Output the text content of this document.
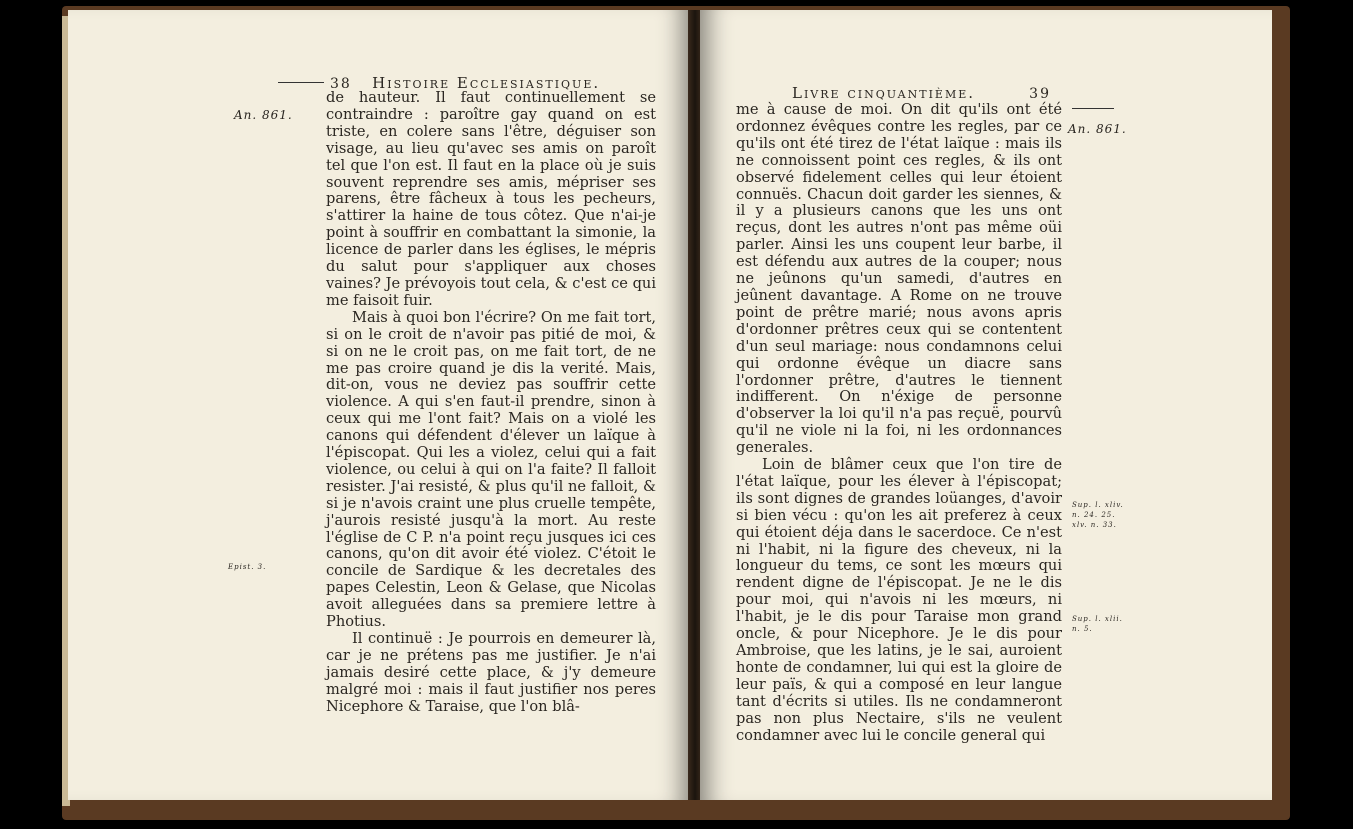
38 Histoire Ecclesiastique.
An. 861.
Epist. 3.

de hauteur. Il faut continuellement se contraindre : paroître gay quand on est triste, en colere sans l'être, déguiser son visage, au lieu qu'avec ses amis on paroît tel que l'on est. Il faut en la place où je suis souvent reprendre ses amis, mépriser ses parens, être fâcheux à tous les pecheurs, s'attirer la haine de tous côtez. Que n'ai-je point à souffrir en combattant la simonie, la licence de parler dans les églises, le mépris du salut pour s'appliquer aux choses vaines? Je prévoyois tout cela, & c'est ce qui me faisoit fuir.

Mais à quoi bon l'écrire? On me fait tort, si on le croit de n'avoir pas pitié de moi, & si on ne le croit pas, on me fait tort, de ne me pas croire quand je dis la verité. Mais, dit-on, vous ne deviez pas souffrir cette violence. A qui s'en faut-il prendre, sinon à ceux qui me l'ont fait? Mais on a violé les canons qui défendent d'élever un laïque à l'épiscopat. Qui les a violez, celui qui a fait violence, ou celui à qui on l'a faite? Il falloit resister. J'ai resisté, & plus qu'il ne falloit, & si je n'avois craint une plus cruelle tempête, j'aurois resisté jusqu'à la mort. Au reste l'église de C P. n'a point reçu jusques ici ces canons, qu'on dit avoir été violez. C'étoit le concile de Sardique & les decretales des papes Celestin, Leon & Gelase, que Nicolas avoit alleguées dans sa premiere lettre à Photius.

Il continuë : Je pourrois en demeurer là, car je ne prétens pas me justifier. Je n'ai jamais desiré cette place, & j'y demeure malgré moi : mais il faut justifier nos peres Nicephore & Taraise, que l'on blâ-

Livre cinquantième.	39
An. 861.
Sup. l. xliv. n. 24. 25. xlv. n. 33.
Sup. l. xlii. n. 5.

me à cause de moi. On dit qu'ils ont été ordonnez évêques contre les regles, par ce qu'ils ont été tirez de l'état laïque : mais ils ne connoissent point ces regles, & ils ont observé fidelement celles qui leur étoient connuës. Chacun doit garder les siennes, & il y a plusieurs canons que les uns ont reçus, dont les autres n'ont pas même oüi parler. Ainsi les uns coupent leur barbe, il est défendu aux autres de la couper; nous ne jeûnons qu'un samedi, d'autres en jeûnent davantage. A Rome on ne trouve point de prêtre marié; nous avons apris d'ordonner prêtres ceux qui se contentent d'un seul mariage: nous condamnons celui qui ordonne évêque un diacre sans l'ordonner prêtre, d'autres le tiennent indifferent. On n'éxige de personne d'observer la loi qu'il n'a pas reçuë, pourvû qu'il ne viole ni la foi, ni les ordonnances generales.

Loin de blâmer ceux que l'on tire de l'état laïque, pour les élever à l'épiscopat; ils sont dignes de grandes loüanges, d'avoir si bien vécu : qu'on les ait preferez à ceux qui étoient déja dans le sacerdoce. Ce n'est ni l'habit, ni la figure des cheveux, ni la longueur du tems, ce sont les mœurs qui rendent digne de l'épiscopat. Je ne le dis pour moi, qui n'avois ni les mœurs, ni l'habit, je le dis pour Taraise mon grand oncle, & pour Nicephore. Je le dis pour Ambroise, que les latins, je le sai, auroient honte de condamner, lui qui est la gloire de leur païs, & qui a composé en leur langue tant d'écrits si utiles. Ils ne condamneront pas non plus Nectaire, s'ils ne veulent condamner avec lui le concile general qui
